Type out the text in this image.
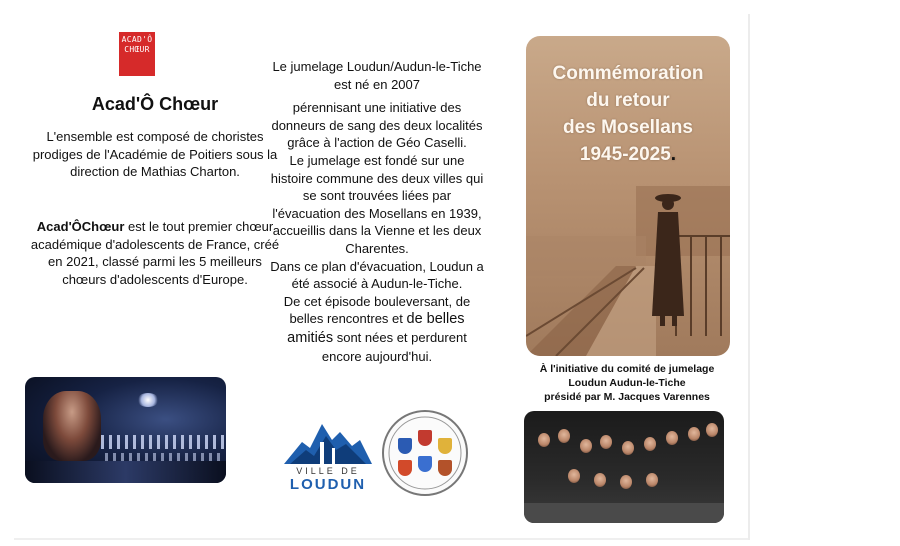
ACAD'Ô
CHŒUR
Acad'Ô Chœur
L'ensemble est composé de choristes prodiges de l'Académie de Poitiers sous la direction de Mathias Charton.
Acad'ÔChœur est le tout premier chœur académique d'adolescents de France, créé en 2021, classé parmi les 5 meilleurs chœurs d'adolescents d'Europe.

Le jumelage Loudun/Audun-le-Tiche est né en 2007

pérennisant une initiative des donneurs de sang des deux localités grâce à l'action de Géo Caselli.

Le jumelage est fondé sur une histoire commune des deux villes qui se sont trouvées liées par l'évacuation des Mosellans en 1939, accueillis dans la Vienne et les deux Charentes.

Dans ce plan d'évacuation, Loudun a été associé à Audun-le-Tiche.

De cet épisode bouleversant, de belles rencontres et de belles amitiés sont nées et perdurent encore aujourd'hui.

VILLE DE
LOUDUN
Commémoration
du retour
des Mosellans
1945-2025.
À l'initiative du comité de jumelage
Loudun Audun-le-Tiche
présidé par M. Jacques Varennes
